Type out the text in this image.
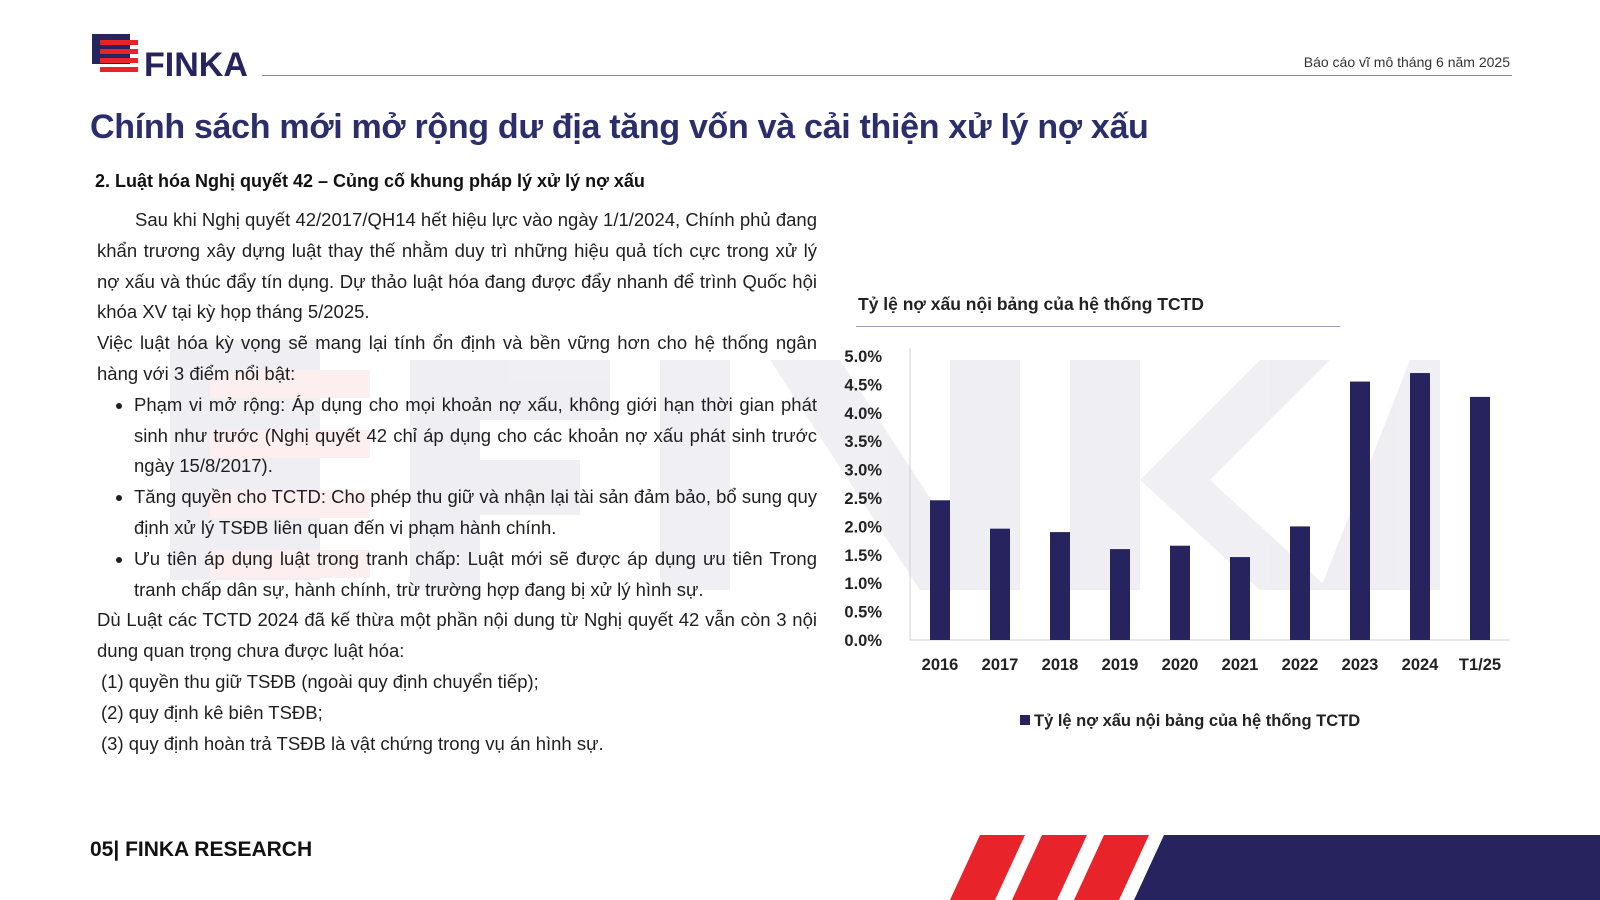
FINKA	Báo cáo vĩ mô tháng 6 năm 2025
Chính sách mới mở rộng dư địa tăng vốn và cải thiện xử lý nợ xấu
2. Luật hóa Nghị quyết 42 – Củng cố khung pháp lý xử lý nợ xấu

Sau khi Nghị quyết 42/2017/QH14 hết hiệu lực vào ngày 1/1/2024, Chính phủ đang khẩn trương xây dựng luật thay thế nhằm duy trì những hiệu quả tích cực trong xử lý nợ xấu và thúc đẩy tín dụng. Dự thảo luật hóa đang được đẩy nhanh để trình Quốc hội khóa XV tại kỳ họp tháng 5/2025.

Việc luật hóa kỳ vọng sẽ mang lại tính ổn định và bền vững hơn cho hệ thống ngân hàng với 3 điểm nổi bật:

• Phạm vi mở rộng: Áp dụng cho mọi khoản nợ xấu, không giới hạn thời gian phát sinh như trước (Nghị quyết 42 chỉ áp dụng cho các khoản nợ xấu phát sinh trước ngày 15/8/2017).
• Tăng quyền cho TCTD: Cho phép thu giữ và nhận lại tài sản đảm bảo, bổ sung quy định xử lý TSĐB liên quan đến vi phạm hành chính.
• Ưu tiên áp dụng luật trong tranh chấp: Luật mới sẽ được áp dụng ưu tiên Trong tranh chấp dân sự, hành chính, trừ trường hợp đang bị xử lý hình sự.

Dù Luật các TCTD 2024 đã kế thừa một phần nội dung từ Nghị quyết 42 vẫn còn 3 nội dung quan trọng chưa được luật hóa:

(1) quyền thu giữ TSĐB (ngoài quy định chuyển tiếp);

(2) quy định kê biên TSĐB;

(3) quy định hoàn trả TSĐB là vật chứng trong vụ án hình sự.

Tỷ lệ nợ xấu nội bảng của hệ thống TCTD
0.0%
0.5%
1.0%
1.5%
2.0%
2.5%
3.0%
3.5%
4.0%
4.5%
5.0%
2016 2017 2018 2019 2020 2021 2022 2023 2024 T1/25
Tỷ lệ nợ xấu nội bảng của hệ thống TCTD
05| FINKA RESEARCH
